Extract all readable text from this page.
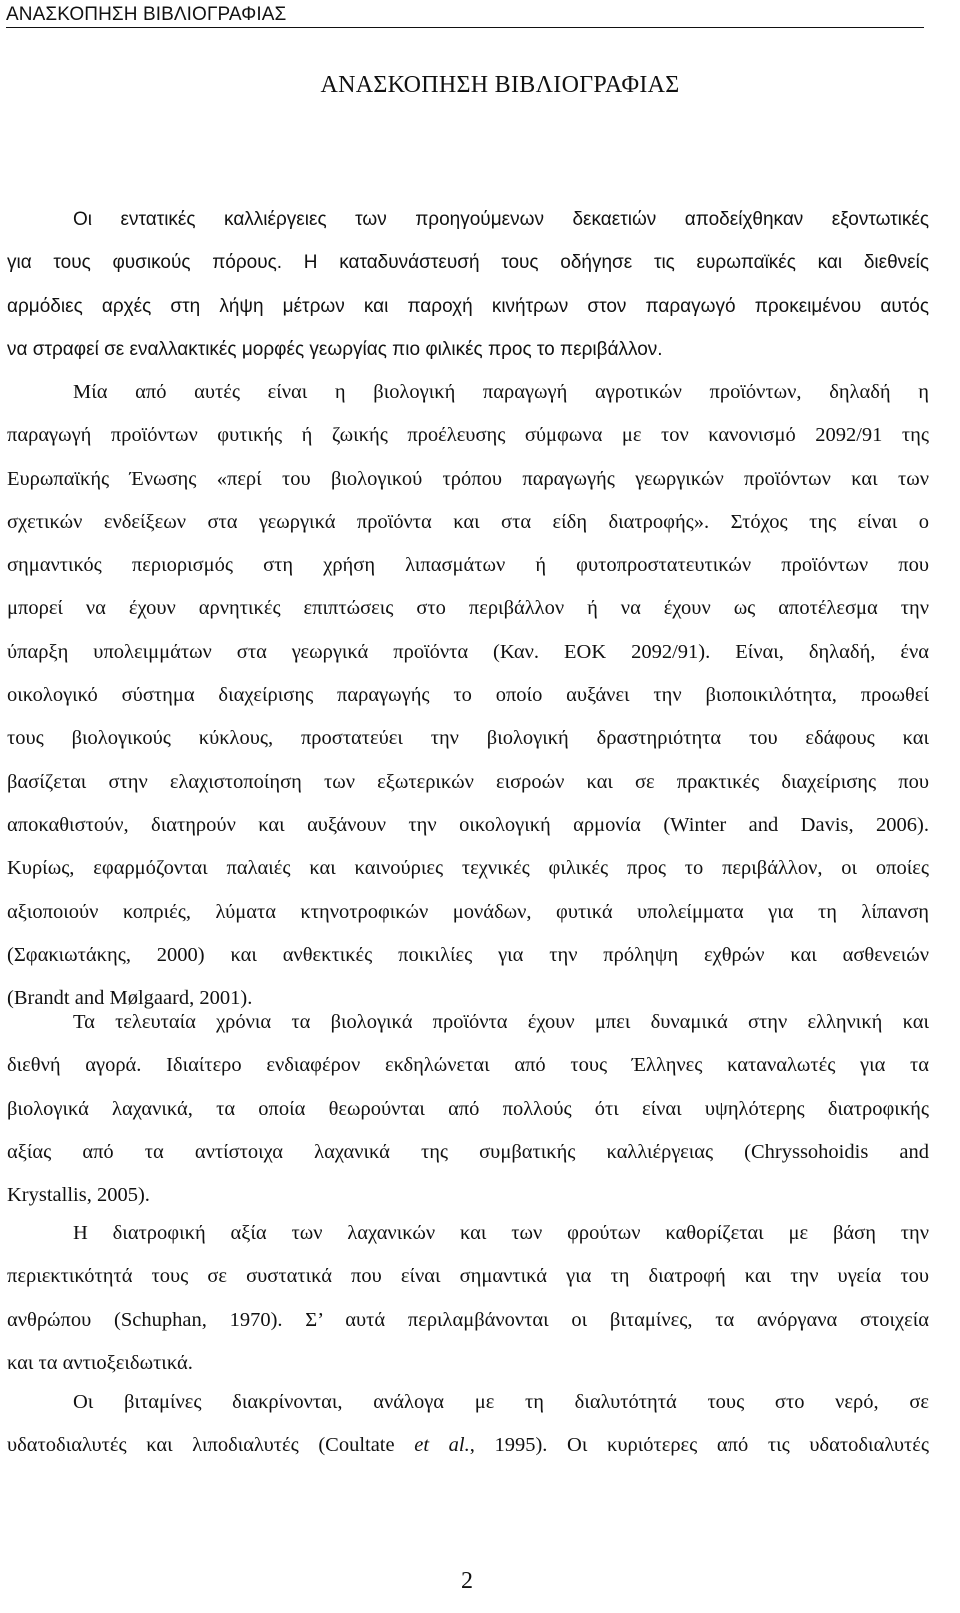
ΑΝΑΣΚΟΠΗΣΗ ΒΙΒΛΙΟΓΡΑΦΙΑΣ
ΑΝΑΣΚΟΠΗΣΗ ΒΙΒΛΙΟΓΡΑΦΙΑΣ

Οι εντατικές καλλιέργειες των προηγούμενων δεκαετιών αποδείχθηκαν εξοντωτικές
για τους φυσικούς πόρους. Η καταδυνάστευσή τους οδήγησε τις ευρωπαϊκές και διεθνείς
αρμόδιες αρχές στη λήψη μέτρων και παροχή κινήτρων στον παραγωγό προκειμένου αυτός
να στραφεί σε εναλλακτικές μορφές γεωργίας πιο φιλικές προς το περιβάλλον.

Μία από αυτές είναι η βιολογική παραγωγή αγροτικών προϊόντων, δηλαδή η
παραγωγή προϊόντων φυτικής ή ζωικής προέλευσης σύμφωνα με τον κανονισμό 2092/91 της
Ευρωπαϊκής Ένωσης «περί του βιολογικού τρόπου παραγωγής γεωργικών προϊόντων και των
σχετικών ενδείξεων στα γεωργικά προϊόντα και στα είδη διατροφής». Στόχος της είναι ο
σημαντικός περιορισμός στη χρήση λιπασμάτων ή φυτοπροστατευτικών προϊόντων που
μπορεί να έχουν αρνητικές επιπτώσεις στο περιβάλλον ή να έχουν ως αποτέλεσμα την
ύπαρξη υπολειμμάτων στα γεωργικά προϊόντα (Καν. ΕΟΚ 2092/91). Είναι, δηλαδή, ένα
οικολογικό σύστημα διαχείρισης παραγωγής το οποίο αυξάνει την βιοποικιλότητα, προωθεί
τους βιολογικούς κύκλους, προστατεύει την βιολογική δραστηριότητα του εδάφους και
βασίζεται στην ελαχιστοποίηση των εξωτερικών εισροών και σε πρακτικές διαχείρισης που
αποκαθιστούν, διατηρούν και αυξάνουν την οικολογική αρμονία (Winter and Davis, 2006).
Κυρίως, εφαρμόζονται παλαιές και καινούριες τεχνικές φιλικές προς το περιβάλλον, οι οποίες
αξιοποιούν κοπριές, λύματα κτηνοτροφικών μονάδων, φυτικά υπολείμματα για τη λίπανση
(Σφακιωτάκης, 2000) και ανθεκτικές ποικιλίες για την πρόληψη εχθρών και ασθενειών
(Brandt and Mølgaard, 2001).

Τα τελευταία χρόνια τα βιολογικά προϊόντα έχουν μπει δυναμικά στην ελληνική και
διεθνή αγορά. Ιδιαίτερο ενδιαφέρον εκδηλώνεται από τους Έλληνες καταναλωτές για τα
βιολογικά λαχανικά, τα οποία θεωρούνται από πολλούς ότι είναι υψηλότερης διατροφικής
αξίας από τα αντίστοιχα λαχανικά της συμβατικής καλλιέργειας (Chryssohoidis and
Krystallis, 2005).

Η διατροφική αξία των λαχανικών και των φρούτων καθορίζεται με βάση την
περιεκτικότητά τους σε συστατικά που είναι σημαντικά για τη διατροφή και την υγεία του
ανθρώπου (Schuphan, 1970). Σ’ αυτά περιλαμβάνονται οι βιταμίνες, τα ανόργανα στοιχεία
και τα αντιοξειδωτικά.

Οι βιταμίνες διακρίνονται, ανάλογα με τη διαλυτότητά τους στο νερό, σε
υδατοδιαλυτές και λιποδιαλυτές (Coultate et al., 1995). Οι κυριότερες από τις υδατοδιαλυτές

2
